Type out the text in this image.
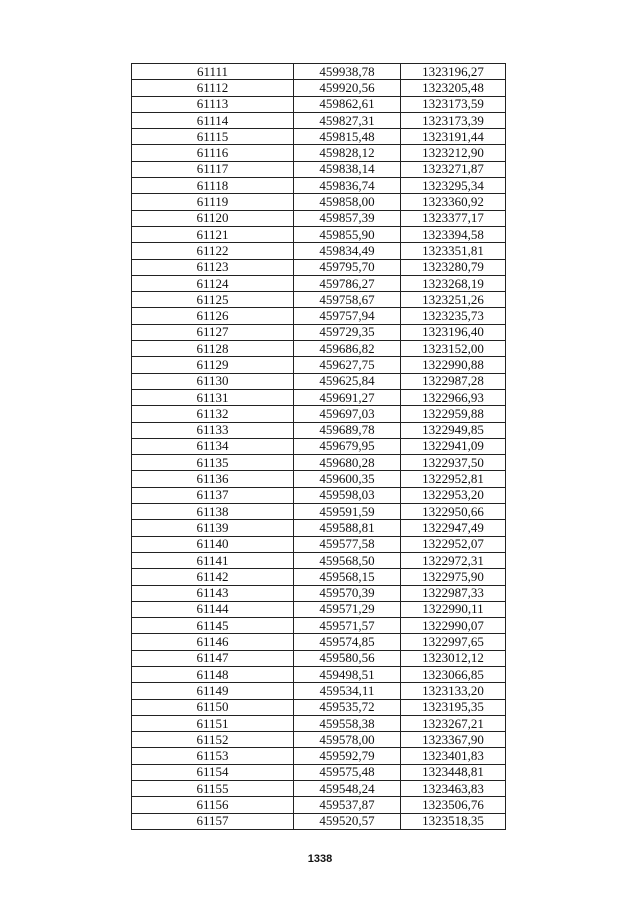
61111	459938,78	1323196,27
61112	459920,56	1323205,48
61113	459862,61	1323173,59
61114	459827,31	1323173,39
61115	459815,48	1323191,44
61116	459828,12	1323212,90
61117	459838,14	1323271,87
61118	459836,74	1323295,34
61119	459858,00	1323360,92
61120	459857,39	1323377,17
61121	459855,90	1323394,58
61122	459834,49	1323351,81
61123	459795,70	1323280,79
61124	459786,27	1323268,19
61125	459758,67	1323251,26
61126	459757,94	1323235,73
61127	459729,35	1323196,40
61128	459686,82	1323152,00
61129	459627,75	1322990,88
61130	459625,84	1322987,28
61131	459691,27	1322966,93
61132	459697,03	1322959,88
61133	459689,78	1322949,85
61134	459679,95	1322941,09
61135	459680,28	1322937,50
61136	459600,35	1322952,81
61137	459598,03	1322953,20
61138	459591,59	1322950,66
61139	459588,81	1322947,49
61140	459577,58	1322952,07
61141	459568,50	1322972,31
61142	459568,15	1322975,90
61143	459570,39	1322987,33
61144	459571,29	1322990,11
61145	459571,57	1322990,07
61146	459574,85	1322997,65
61147	459580,56	1323012,12
61148	459498,51	1323066,85
61149	459534,11	1323133,20
61150	459535,72	1323195,35
61151	459558,38	1323267,21
61152	459578,00	1323367,90
61153	459592,79	1323401,83
61154	459575,48	1323448,81
61155	459548,24	1323463,83
61156	459537,87	1323506,76
61157	459520,57	1323518,35
1338
